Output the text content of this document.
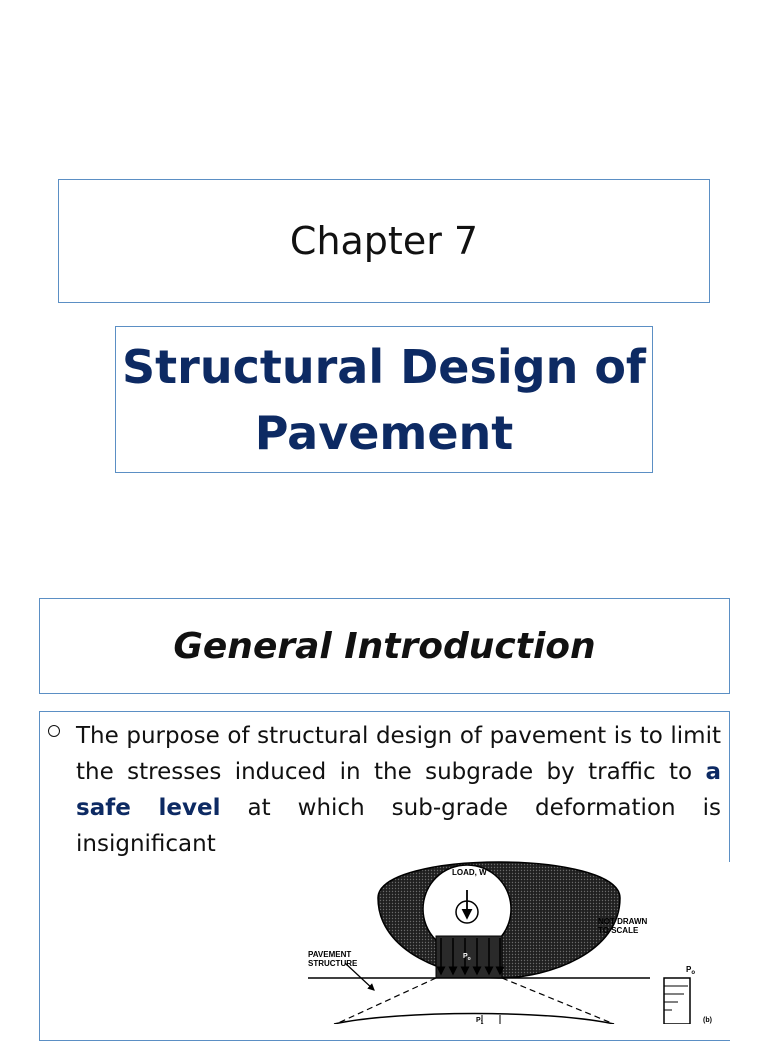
Chapter 7
Structural Design of
Pavement
General Introduction
The purpose of structural design of pavement is to limit the stresses induced in the subgrade by traffic to a safe level at which sub-grade deformation is insignificant
LOAD, W
NOT DRAWN
TO SCALE
PAVEMENT
STRUCTURE
$P_o$
$P_o$
$P_1$	(b)
